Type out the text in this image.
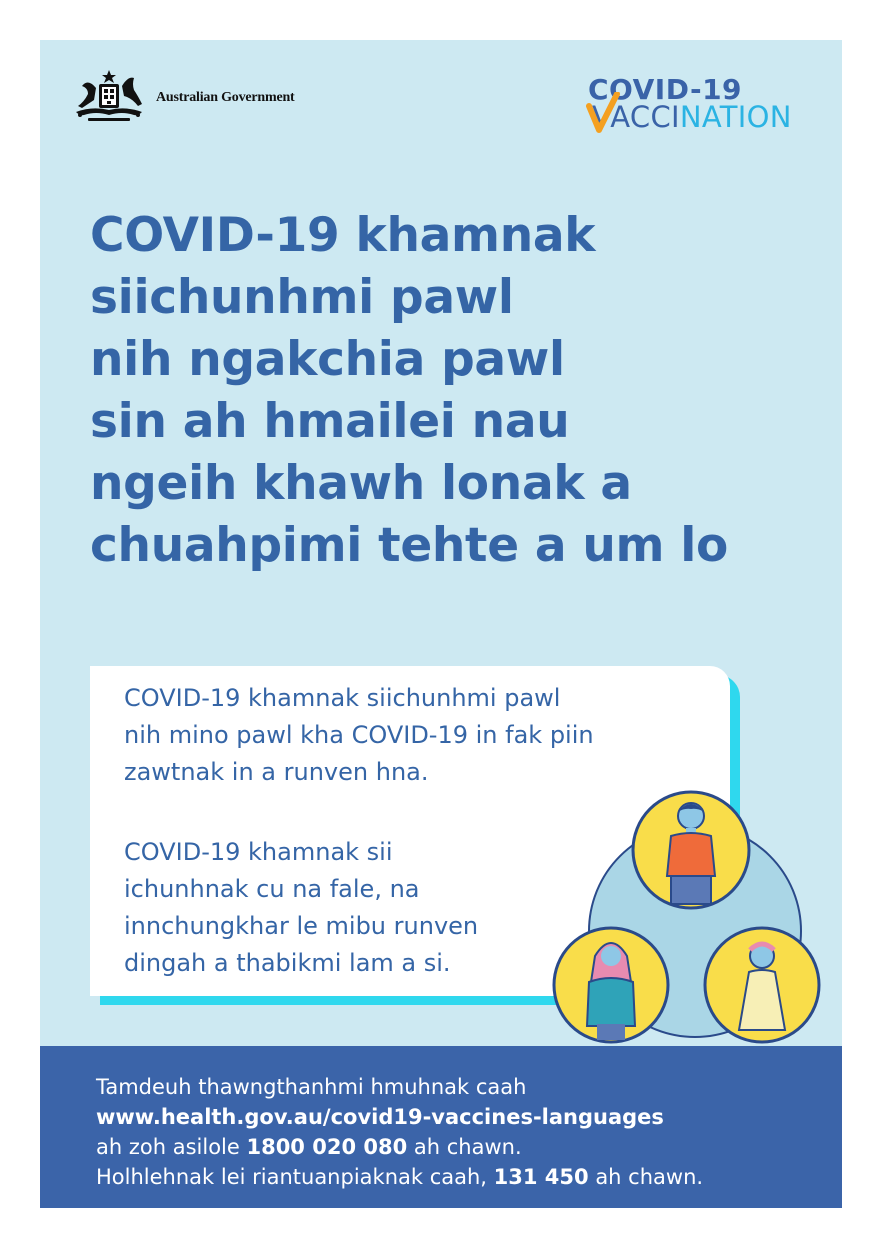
Australian Government	COVID-19
VACCINATION
COVID-19 khamnak
siichunhmi pawl
nih ngakchia pawl
sin ah hmailei nau
ngeih khawh lonak a
chuahpimi tehte a um lo

COVID-19 khamnak siichunhmi pawl
nih mino pawl kha COVID-19 in fak piin
zawtnak in a runven hna.

COVID-19 khamnak sii
ichunhnak cu na fale, na
innchungkhar le mibu runven
dingah a thabikmi lam a si.

Tamdeuh thawngthanhmi hmuhnak caah

www.health.gov.au/covid19-vaccines-languages

ah zoh asilole 1800 020 080 ah chawn.

Holhlehnak lei riantuanpiaknak caah, 131 450 ah chawn.
